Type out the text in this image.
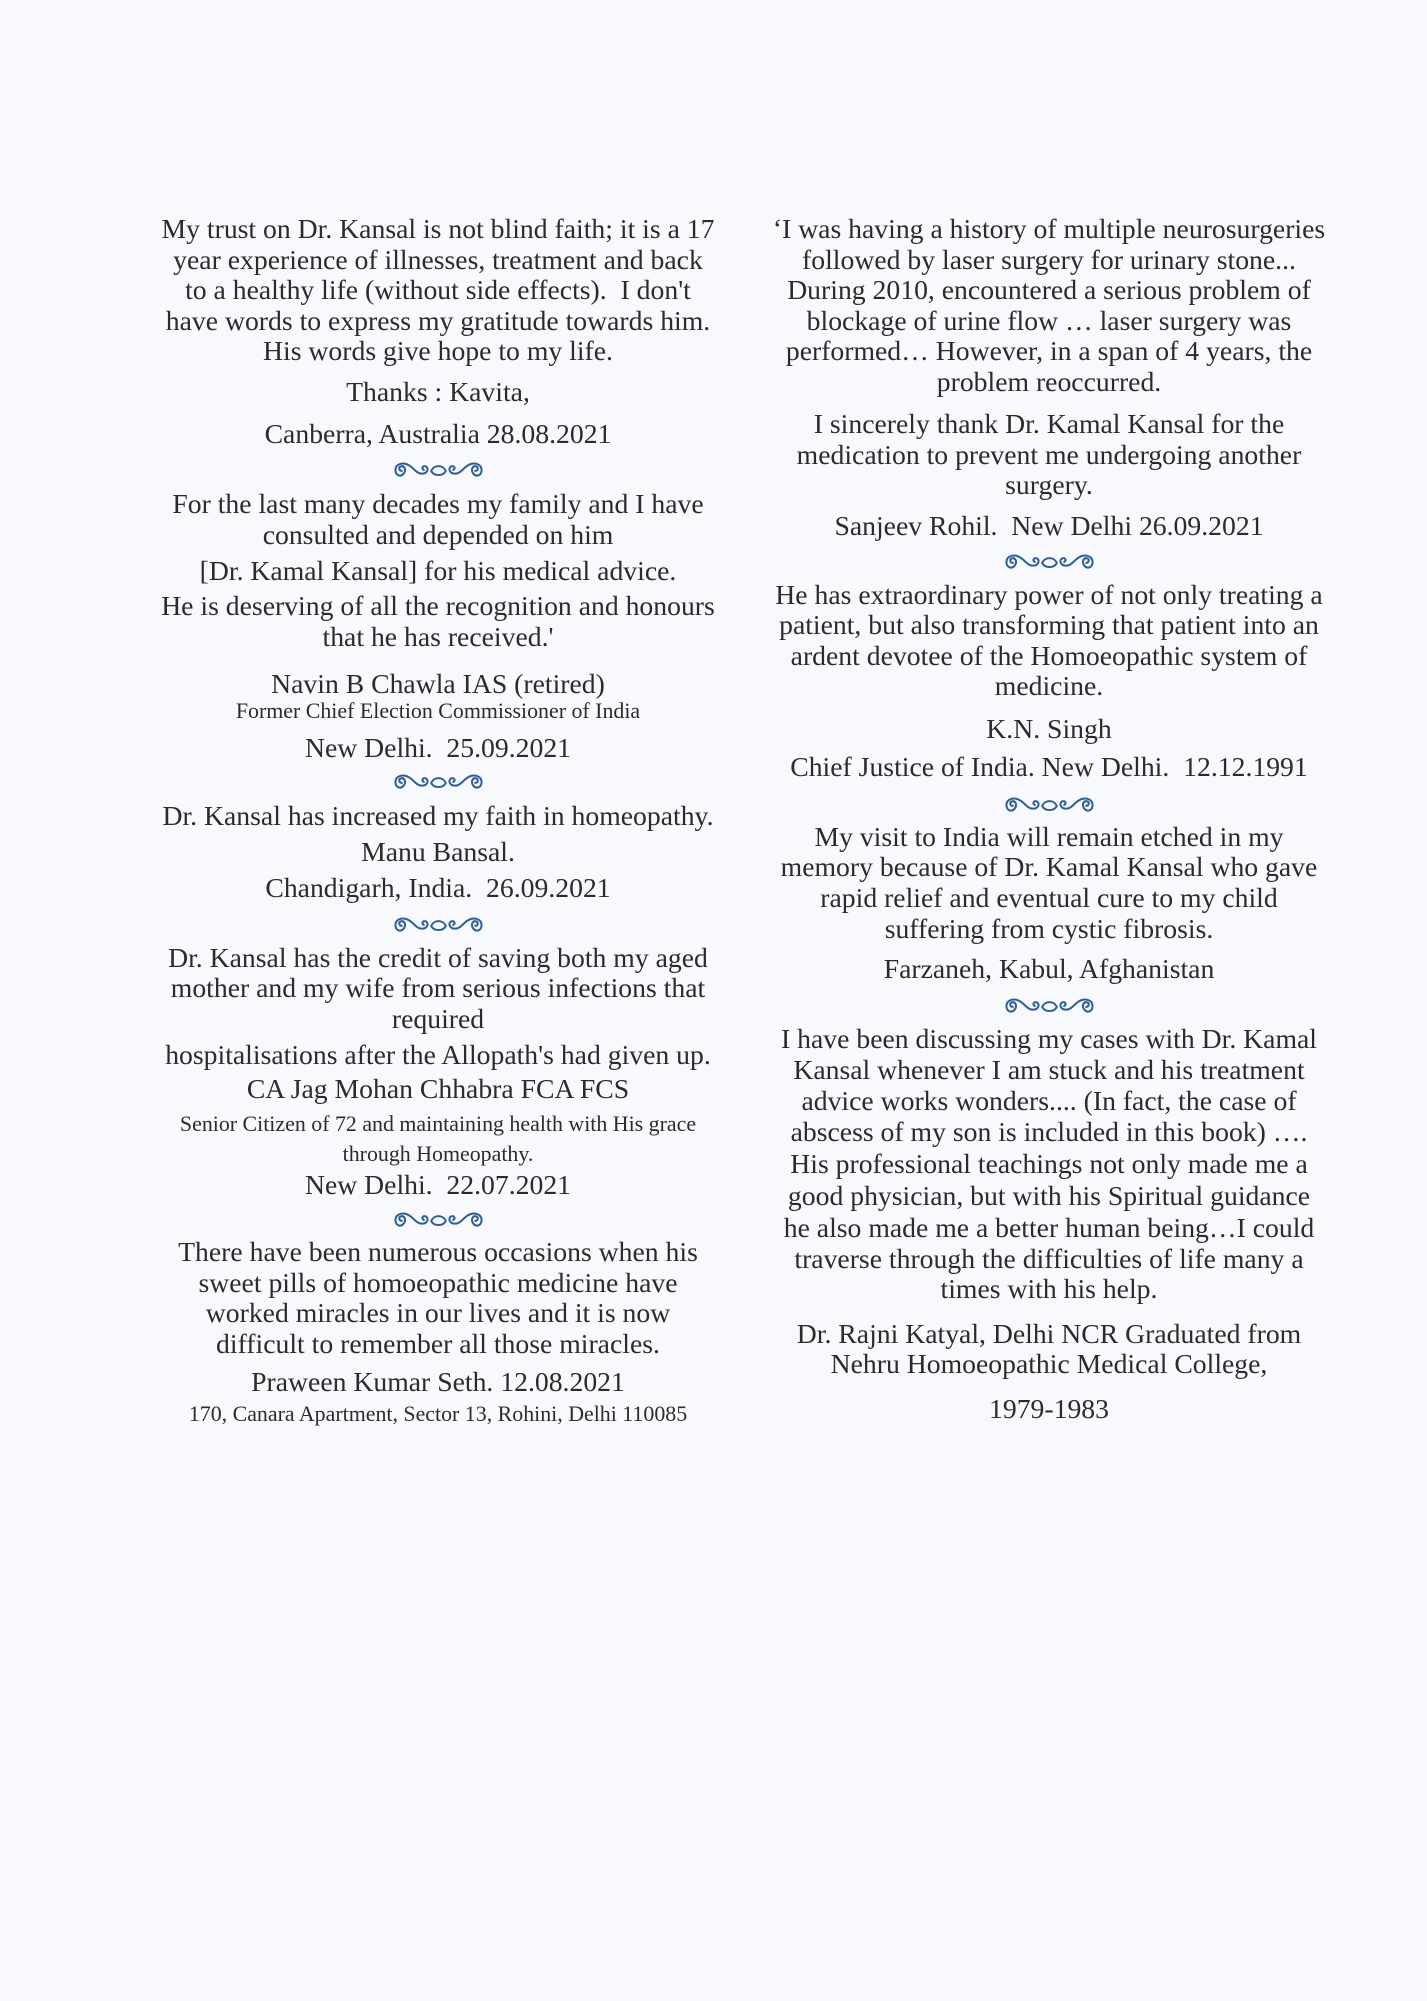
My trust on Dr. Kansal is not blind faith; it is a 17
year experience of illnesses, treatment and back
to a healthy life (without side effects).  I don't
have words to express my gratitude towards him.
His words give hope to my life.
Thanks : Kavita,
Canberra, Australia 28.08.2021
For the last many decades my family and I have
consulted and depended on him
[Dr. Kamal Kansal] for his medical advice.
He is deserving of all the recognition and honours
that he has received.'
Navin B Chawla IAS (retired)
Former Chief Election Commissioner of India
New Delhi.  25.09.2021
Dr. Kansal has increased my faith in homeopathy.
Manu Bansal.
Chandigarh, India.  26.09.2021
Dr. Kansal has the credit of saving both my aged
mother and my wife from serious infections that
required
hospitalisations after the Allopath's had given up.
CA Jag Mohan Chhabra FCA FCS
Senior Citizen of 72 and maintaining health with His grace
through Homeopathy.
New Delhi.  22.07.2021
There have been numerous occasions when his
sweet pills of homoeopathic medicine have
worked miracles in our lives and it is now
difficult to remember all those miracles.
Praween Kumar Seth. 12.08.2021
170, Canara Apartment, Sector 13, Rohini, Delhi 110085
‘I was having a history of multiple neurosurgeries
followed by laser surgery for urinary stone...
During 2010, encountered a serious problem of
blockage of urine flow … laser surgery was
performed… However, in a span of 4 years, the
problem reoccurred.
I sincerely thank Dr. Kamal Kansal for the
medication to prevent me undergoing another
surgery.
Sanjeev Rohil.  New Delhi 26.09.2021
He has extraordinary power of not only treating a
patient, but also transforming that patient into an
ardent devotee of the Homoeopathic system of
medicine.
K.N. Singh
Chief Justice of India. New Delhi.  12.12.1991
My visit to India will remain etched in my
memory because of Dr. Kamal Kansal who gave
rapid relief and eventual cure to my child
suffering from cystic fibrosis.
Farzaneh, Kabul, Afghanistan
I have been discussing my cases with Dr. Kamal
Kansal whenever I am stuck and his treatment
advice works wonders.... (In fact, the case of
abscess of my son is included in this book) ….
His professional teachings not only made me a
good physician, but with his Spiritual guidance
he also made me a better human being…I could
traverse through the difficulties of life many a
times with his help.
Dr. Rajni Katyal, Delhi NCR Graduated from
Nehru Homoeopathic Medical College,
1979-1983
